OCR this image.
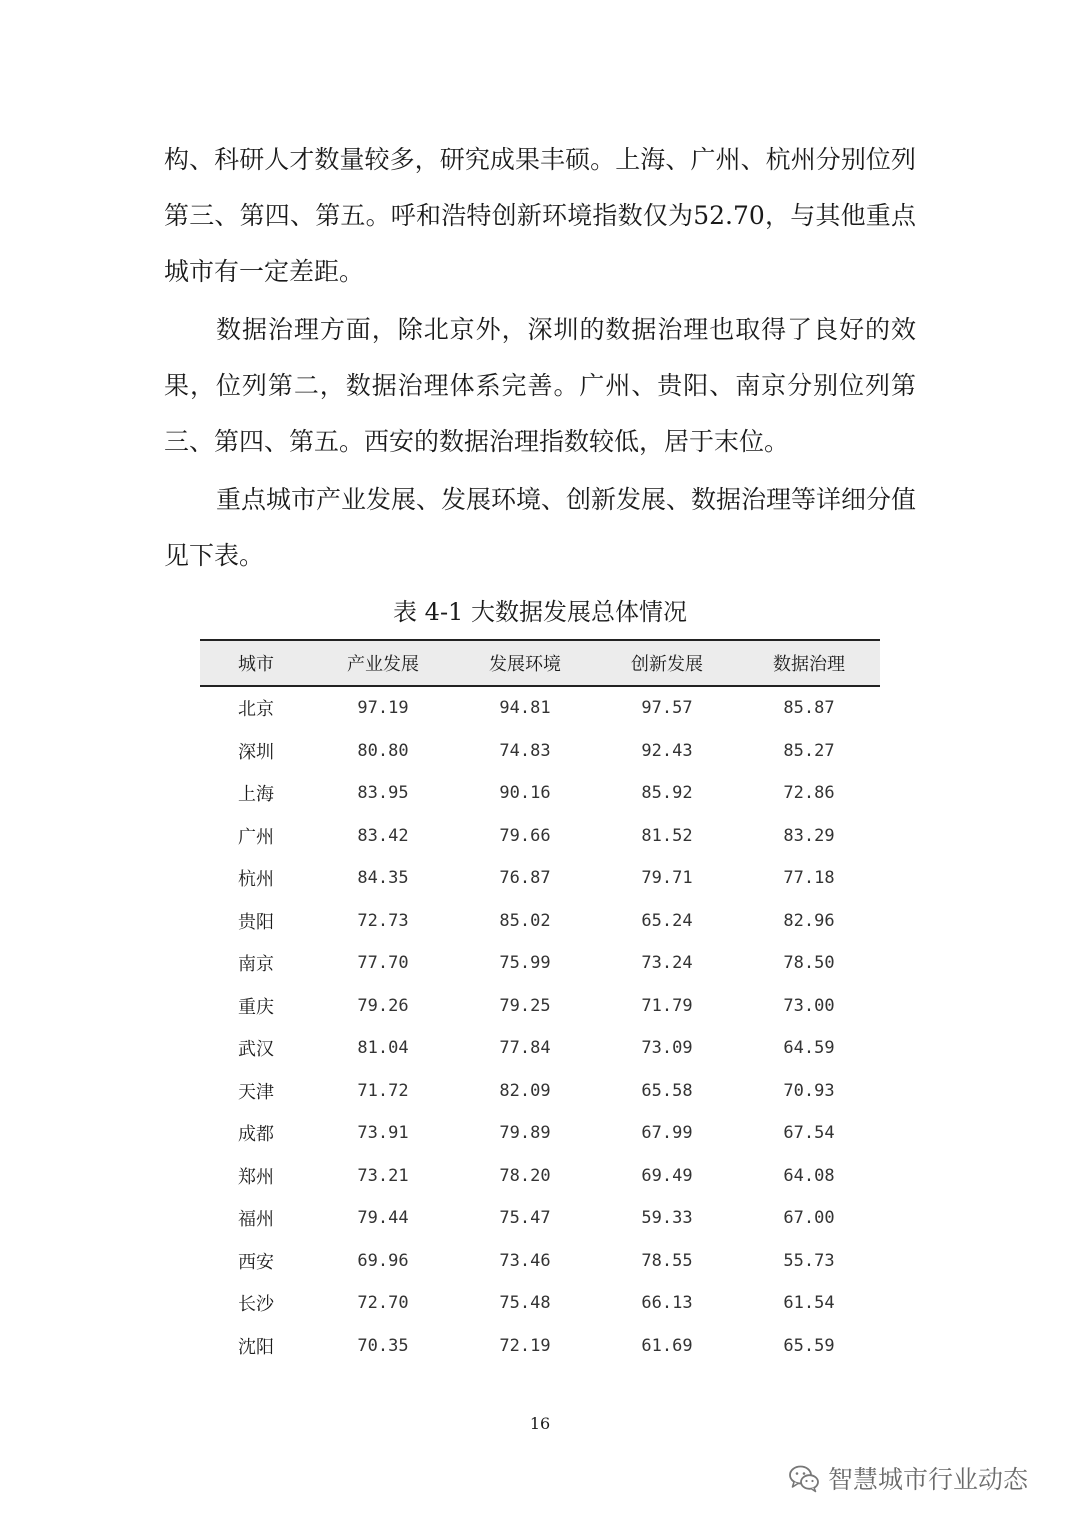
构、科研人才数量较多，研究成果丰硕。上海、广州、杭州分别位列第三、第四、第五。呼和浩特创新环境指数仅为52.70，与其他重点城市有一定差距。

数据治理方面，除北京外，深圳的数据治理也取得了良好的效果，位列第二，数据治理体系完善。广州、贵阳、南京分别位列第三、第四、第五。西安的数据治理指数较低，居于末位。

重点城市产业发展、发展环境、创新发展、数据治理等详细分值见下表。

表 4-1 大数据发展总体情况

城市	产业发展	发展环境	创新发展	数据治理
北京	97.19	94.81	97.57	85.87
深圳	80.80	74.83	92.43	85.27
上海	83.95	90.16	85.92	72.86
广州	83.42	79.66	81.52	83.29
杭州	84.35	76.87	79.71	77.18
贵阳	72.73	85.02	65.24	82.96
南京	77.70	75.99	73.24	78.50
重庆	79.26	79.25	71.79	73.00
武汉	81.04	77.84	73.09	64.59
天津	71.72	82.09	65.58	70.93
成都	73.91	79.89	67.99	67.54
郑州	73.21	78.20	69.49	64.08
福州	79.44	75.47	59.33	67.00
西安	69.96	73.46	78.55	55.73
长沙	72.70	75.48	66.13	61.54
沈阳	70.35	72.19	61.69	65.59
16
智慧城市行业动态
